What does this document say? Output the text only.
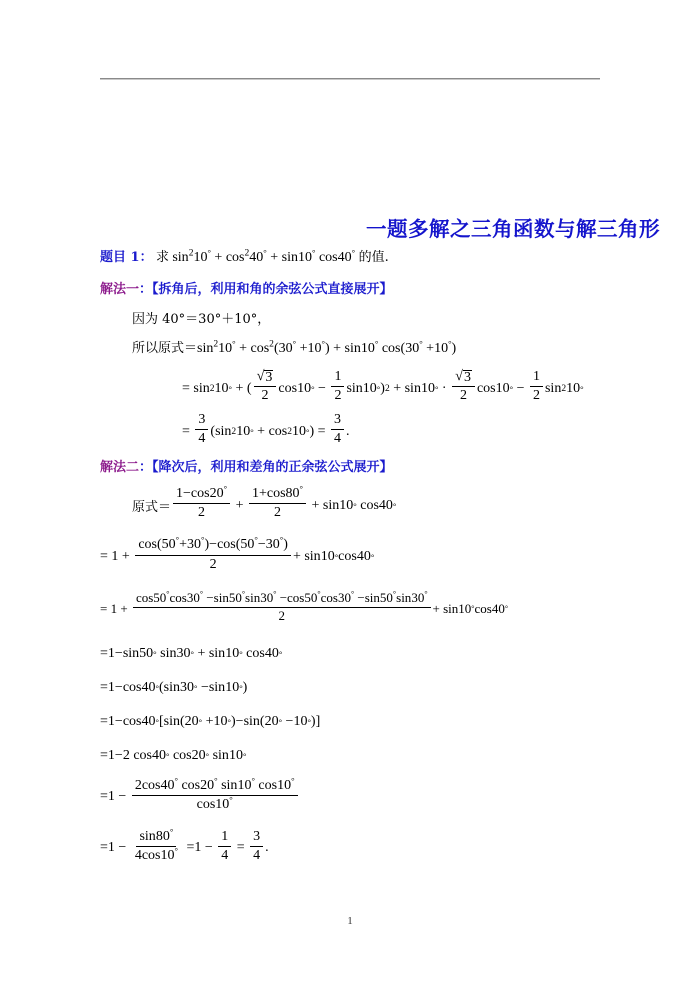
一题多解之三角函数与解三角形
题目 1： 求 $\sin^210^\circ + \cos^240^\circ + \sin 10^\circ$ cos40° 的值.
解法一：【拆角后，利用和角的余弦公式直接展开】
因为 40°＝30°＋10°，
所以原式$=\sin^210^\circ + \cos^2(30^\circ +10^\circ) + \sin 10^\circ$ cos(30° +10°)
=
sin 2 10 °
+
( $\frac{√ 3}{2}$ cos 10 °
−
$\frac{1}{2}$ sin 10 ° ) 2
+
sin 10 °
·
$\frac{√ 3}{2}$ cos 10 °
−
$\frac{1}{2}$ sin 2 10 °
=
$\frac{3}{4}$ ( sin 2 10 °
+
cos 2 10 ° )
=
$\frac{3}{4}$ .
解法二：【降次后，利用和差角的正余弦公式展开】
原式＝ $\frac{1-\cos 20^\circ}{2}$
+
$\frac{1+\cos 80^\circ}{2}$
+
sin 10 °
cos 40 °
=
1
+
$\frac{\cos(50^\circ+30^\circ)-\cos(50^\circ-30^\circ)}{2}$ +
sin 10 ° cos 40 °
=
1
+
$\frac{\cos 50^\circ\cos 30^\circ -\sin 50^\circ\sin 30^\circ -\cos 50^\circ\cos 30^\circ -\sin 50^\circ\sin 30^\circ}{2}$ +
sin 10 ° cos 40 °
= 1 − sin 50 °
sin 30 °
+
sin 10 °
cos 40 °
= 1 − cos 40 ° ( sin 30 °
− sin 10 ° )
= 1 − cos 40 ° [ sin ( 20 °
+ 10 ° ) − sin ( 20 °
− 10 ° ) ]
= 1 − 2
cos 40 °
cos 20 °
sin 10 °
= 1
−
$\frac{2\cos 40^\circ \cos 20^\circ \sin 10^\circ \cos 10^\circ}{\cos 10^\circ}$
= 1
−
$\frac{\sin 80^\circ}{4\cos 10^\circ}$
= 1
−
$\frac{1}{4}$
=
$\frac{3}{4}$ .
1
